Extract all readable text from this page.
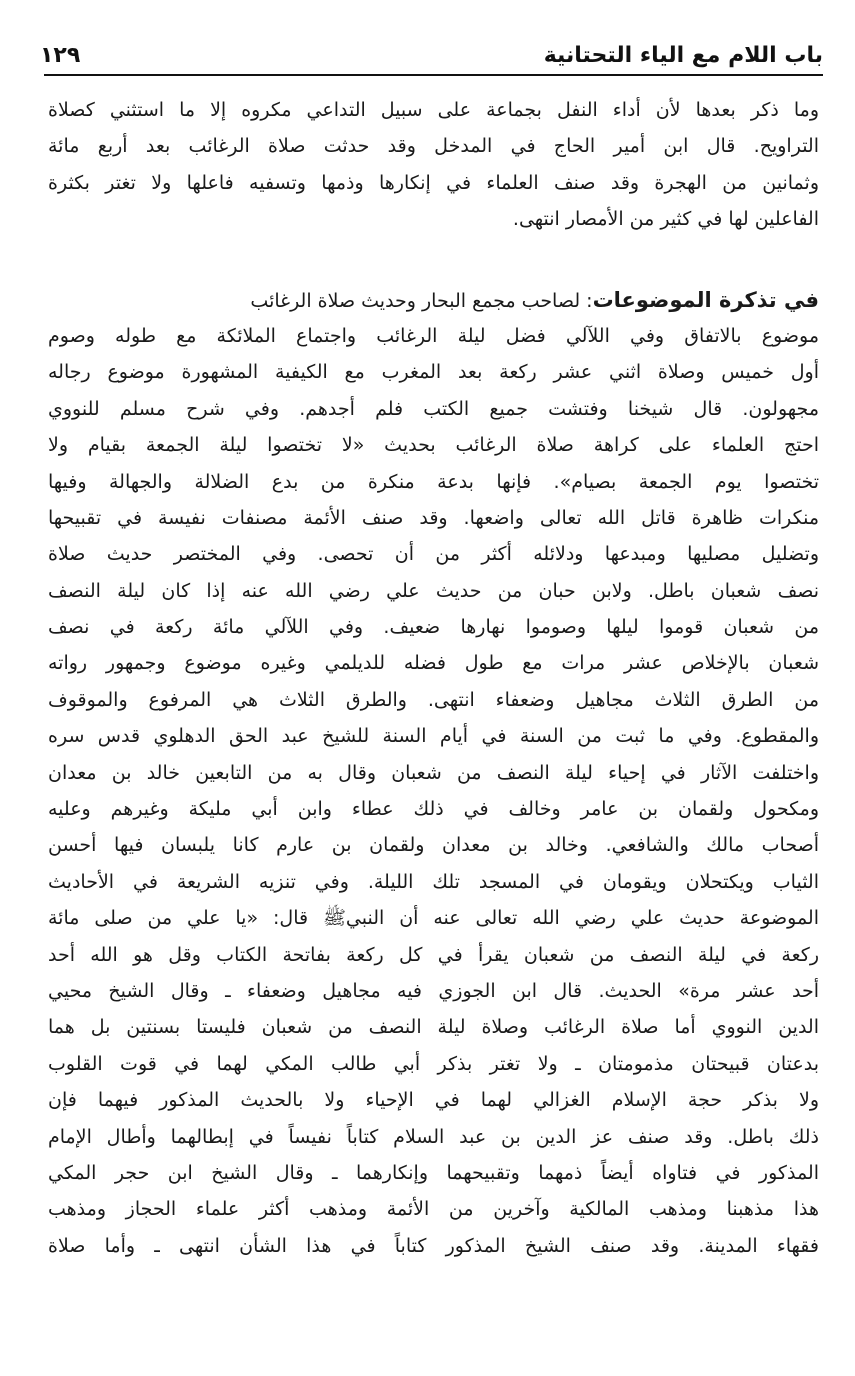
باب اللام مع الياء التحتانية
١٢٩
وما ذكر بعدها لأن أداء النفل بجماعة على سبيل التداعي مكروه إلا ما استثني كصلاة
التراويح. قال ابن أمير الحاج في المدخل وقد حدثت صلاة الرغائب بعد أربع مائة
وثمانين من الهجرة وقد صنف العلماء في إنكارها وذمها وتسفيه فاعلها ولا تغتر بكثرة
الفاعلين لها في كثير من الأمصار انتهى.
في تذكرة الموضوعات: لصاحب مجمع البحار وحديث صلاة الرغائب
موضوع بالاتفاق وفي اللآلي فضل ليلة الرغائب واجتماع الملائكة مع طوله وصوم
أول خميس وصلاة اثني عشر ركعة بعد المغرب مع الكيفية المشهورة موضوع رجاله
مجهولون. قال شيخنا وفتشت جميع الكتب فلم أجدهم. وفي شرح مسلم للنووي
احتج العلماء على كراهة صلاة الرغائب بحديث «لا تختصوا ليلة الجمعة بقيام ولا
تختصوا يوم الجمعة بصيام». فإنها بدعة منكرة من بدع الضلالة والجهالة وفيها
منكرات ظاهرة قاتل الله تعالى واضعها. وقد صنف الأئمة مصنفات نفيسة في تقبيحها
وتضليل مصليها ومبدعها ودلائله أكثر من أن تحصى. وفي المختصر حديث صلاة
نصف شعبان باطل. ولابن حبان من حديث علي رضي الله عنه إذا كان ليلة النصف
من شعبان قوموا ليلها وصوموا نهارها ضعيف. وفي اللآلي مائة ركعة في نصف
شعبان بالإخلاص عشر مرات مع طول فضله للديلمي وغيره موضوع وجمهور رواته
من الطرق الثلاث مجاهيل وضعفاء انتهى. والطرق الثلاث هي المرفوع والموقوف
والمقطوع. وفي ما ثبت من السنة في أيام السنة للشيخ عبد الحق الدهلوي قدس سره
واختلفت الآثار في إحياء ليلة النصف من شعبان وقال به من التابعين خالد بن معدان
ومكحول ولقمان بن عامر وخالف في ذلك عطاء وابن أبي مليكة وغيرهم وعليه
أصحاب مالك والشافعي. وخالد بن معدان ولقمان بن عارم كانا يلبسان فيها أحسن
الثياب ويكتحلان ويقومان في المسجد تلك الليلة. وفي تنزيه الشريعة في الأحاديث
الموضوعة حديث علي رضي الله تعالى عنه أن النبيﷺ قال: «يا علي من صلى مائة
ركعة في ليلة النصف من شعبان يقرأ في كل ركعة بفاتحة الكتاب وقل هو الله أحد
أحد عشر مرة» الحديث. قال ابن الجوزي فيه مجاهيل وضعفاء ـ وقال الشيخ محيي
الدين النووي أما صلاة الرغائب وصلاة ليلة النصف من شعبان فليستا بسنتين بل هما
بدعتان قبيحتان مذمومتان ـ ولا تغتر بذكر أبي طالب المكي لهما في قوت القلوب
ولا بذكر حجة الإسلام الغزالي لهما في الإحياء ولا بالحديث المذكور فيهما فإن
ذلك باطل. وقد صنف عز الدين بن عبد السلام كتاباً نفيساً في إبطالهما وأطال الإمام
المذكور في فتاواه أيضاً ذمهما وتقبيحهما وإنكارهما ـ وقال الشيخ ابن حجر المكي
هذا مذهبنا ومذهب المالكية وآخرين من الأئمة ومذهب أكثر علماء الحجاز ومذهب
فقهاء المدينة. وقد صنف الشيخ المذكور كتاباً في هذا الشأن انتهى ـ وأما صلاة
